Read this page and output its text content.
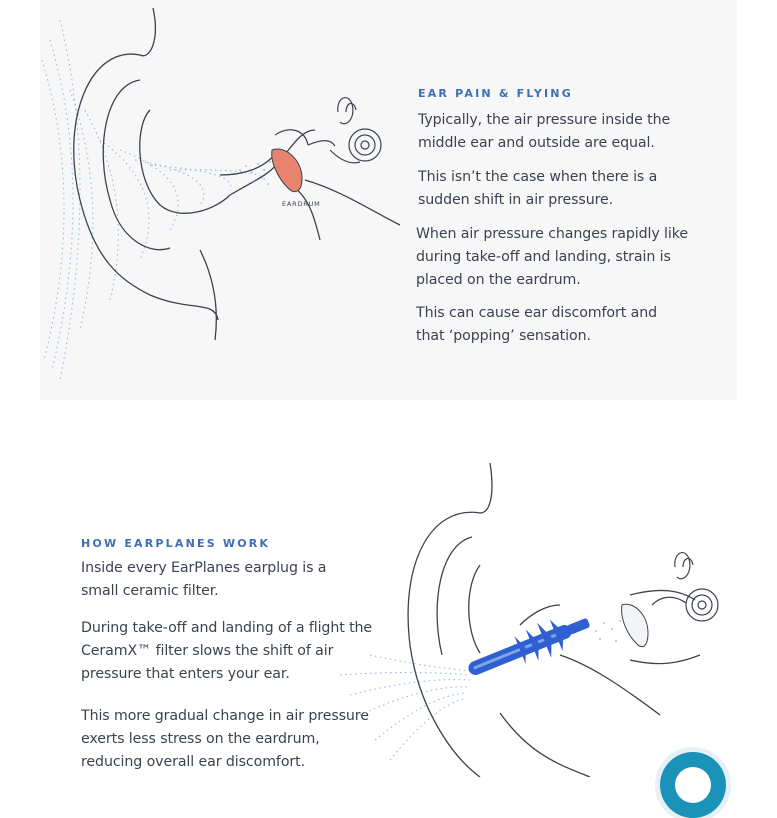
EARDRUM

EAR PAIN & FLYING

Typically, the air pressure inside the middle ear and outside are equal.

This isn’t the case when there is a sudden shift in air pressure.

When air pressure changes rapidly like during take-off and landing, strain is placed on the eardrum.

This can cause ear discomfort and that ‘popping’ sensation.

HOW EARPLANES WORK

Inside every EarPlanes earplug is a small ceramic filter.

During take-off and landing of a flight the CeramX™ filter slows the shift of air pressure that enters your ear.

This more gradual change in air pressure exerts less stress on the eardrum, reducing overall ear discomfort.
